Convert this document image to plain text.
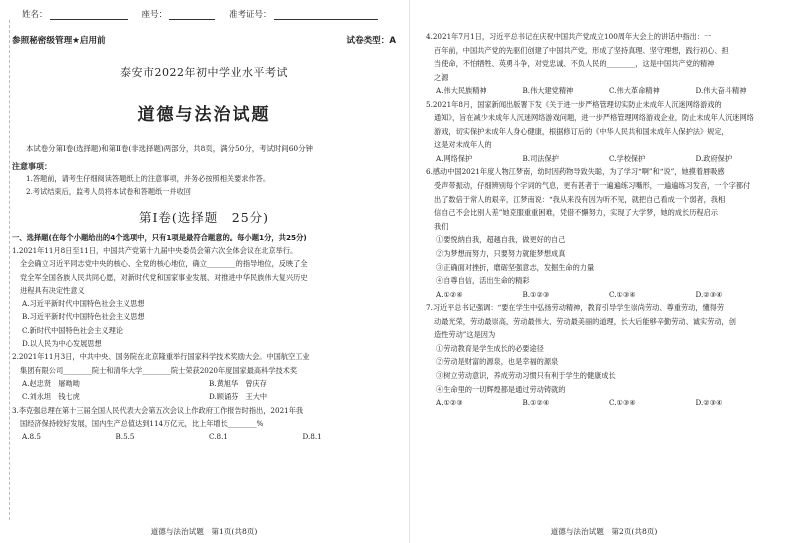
姓名：	座号：	准考证号：
参照秘密级管理★启用前	试卷类型：A
泰安市2022年初中学业水平考试
道德与法治试题
本试卷分第Ⅰ卷(选择题)和第Ⅱ卷(非选择题)两部分，共8页，满分50分，考试时间60分钟
注意事项：
1.答题前，请考生仔细阅读答题纸上的注意事项，并务必按照相关要求作答。
2.考试结束后，监考人员将本试卷和答题纸一并收回
第Ⅰ卷(选择题　25分)
一、选择题(在每个小题给出的4个选项中，只有1项是最符合题意的。每小题1分，共25分)
1.2021年11月8日至11日，中国共产党第十九届中央委员会第六次全体会议在北京举行。
全会确立习近平同志党中央的核心、全党的核心地位，确立________的指导地位，反映了全
党全军全国各族人民共同心愿，对新时代党和国家事业发展、对推进中华民族伟大复兴历史
进程具有决定性意义
A.习近平新时代中国特色社会主义思想
B.习近平新时代中国特色社会主义思想
C.新时代中国特色社会主义理论
D.以人民为中心发展思想
2.2021年11月3日，中共中央、国务院在北京隆重举行国家科学技术奖励大会。中国航空工业
集团有限公司________院士和清华大学________院士荣获2020年度国家最高科学技术奖
A.赵忠贤　屠呦呦	B.黄旭华　曾庆存
C.刘永坦　钱七虎	D.顾诵芬　王大中
3.李克强总理在第十三届全国人民代表大会第五次会议上作政府工作报告时指出，2021年我
国经济保持较好发展，国内生产总值达到114万亿元，比上年增长________%
A.8.5	B.5.5	C.8.1	D.8.1
道德与法治试题　第1页(共8页)
4.2021年7月1日，习近平总书记在庆祝中国共产党成立100周年大会上的讲话中指出：一
百年前，中国共产党的先驱们创建了中国共产党，形成了坚持真理、坚守理想，践行初心、担
当使命，不怕牺牲、英勇斗争，对党忠诚、不负人民的________，这是中国共产党的精神
之源
A.伟大民族精神	B.伟大建党精神	C.伟大革命精神	D.伟大奋斗精神
5.2021年8月，国家新闻出版署下发《关于进一步严格管理切实防止未成年人沉迷网络游戏的
通知》，旨在减少未成年人沉迷网络游戏问题，进一步严格管理网络游戏企业，防止未成年人沉迷网络
游戏，切实保护未成年人身心健康，根据修订后的《中华人民共和国未成年人保护法》规定，
这是对未成年人的
A.网络保护	B.司法保护	C.学校保护	D.政府保护
6.感动中国2021年度人物江梦南，幼时因药物导致失聪，为了学习“啊”和“说”，她摸着唇吸感
受声带振动，仔细辨别每个字词的气息，更有甚者于一遍遍练习嘴形，一遍遍练习发音，一个字都付
出了数倍于常人的艰辛，江梦南说：“我从来没有因为听不见，就把自己看成一个弱者，我相
信自己不会比别人差”她克服重重困难，凭借不懈努力，实现了大学梦，她的成长历程启示
我们
①要悦纳自我，超越自我，做更好的自己
②为梦想而努力，只要努力就能梦想成真
③正确面对挫折，磨砺坚强意志，发掘生命的力量
④自尊自信，活出生命的精彩
A.①②④	B.①②③	C.①③④	D.②③④
7.习近平总书记强调：“要在学生中弘扬劳动精神，教育引导学生崇尚劳动、尊重劳动，懂得劳
动最光荣，劳动最崇高，劳动最伟大、劳动最美丽的道理，长大后能够辛勤劳动、诚实劳动，创
造性劳动”这是因为
①劳动教育是学生成长的必要途径
②劳动是财富的源泉，也是幸福的源泉
③树立劳动意识，养成劳动习惯只有利于学生的健康成长
④生命里的一切辉煌都是通过劳动铸就的
A.①②③	B.①②④	C.①③④	D.②③④
道德与法治试题　第2页(共8页)
